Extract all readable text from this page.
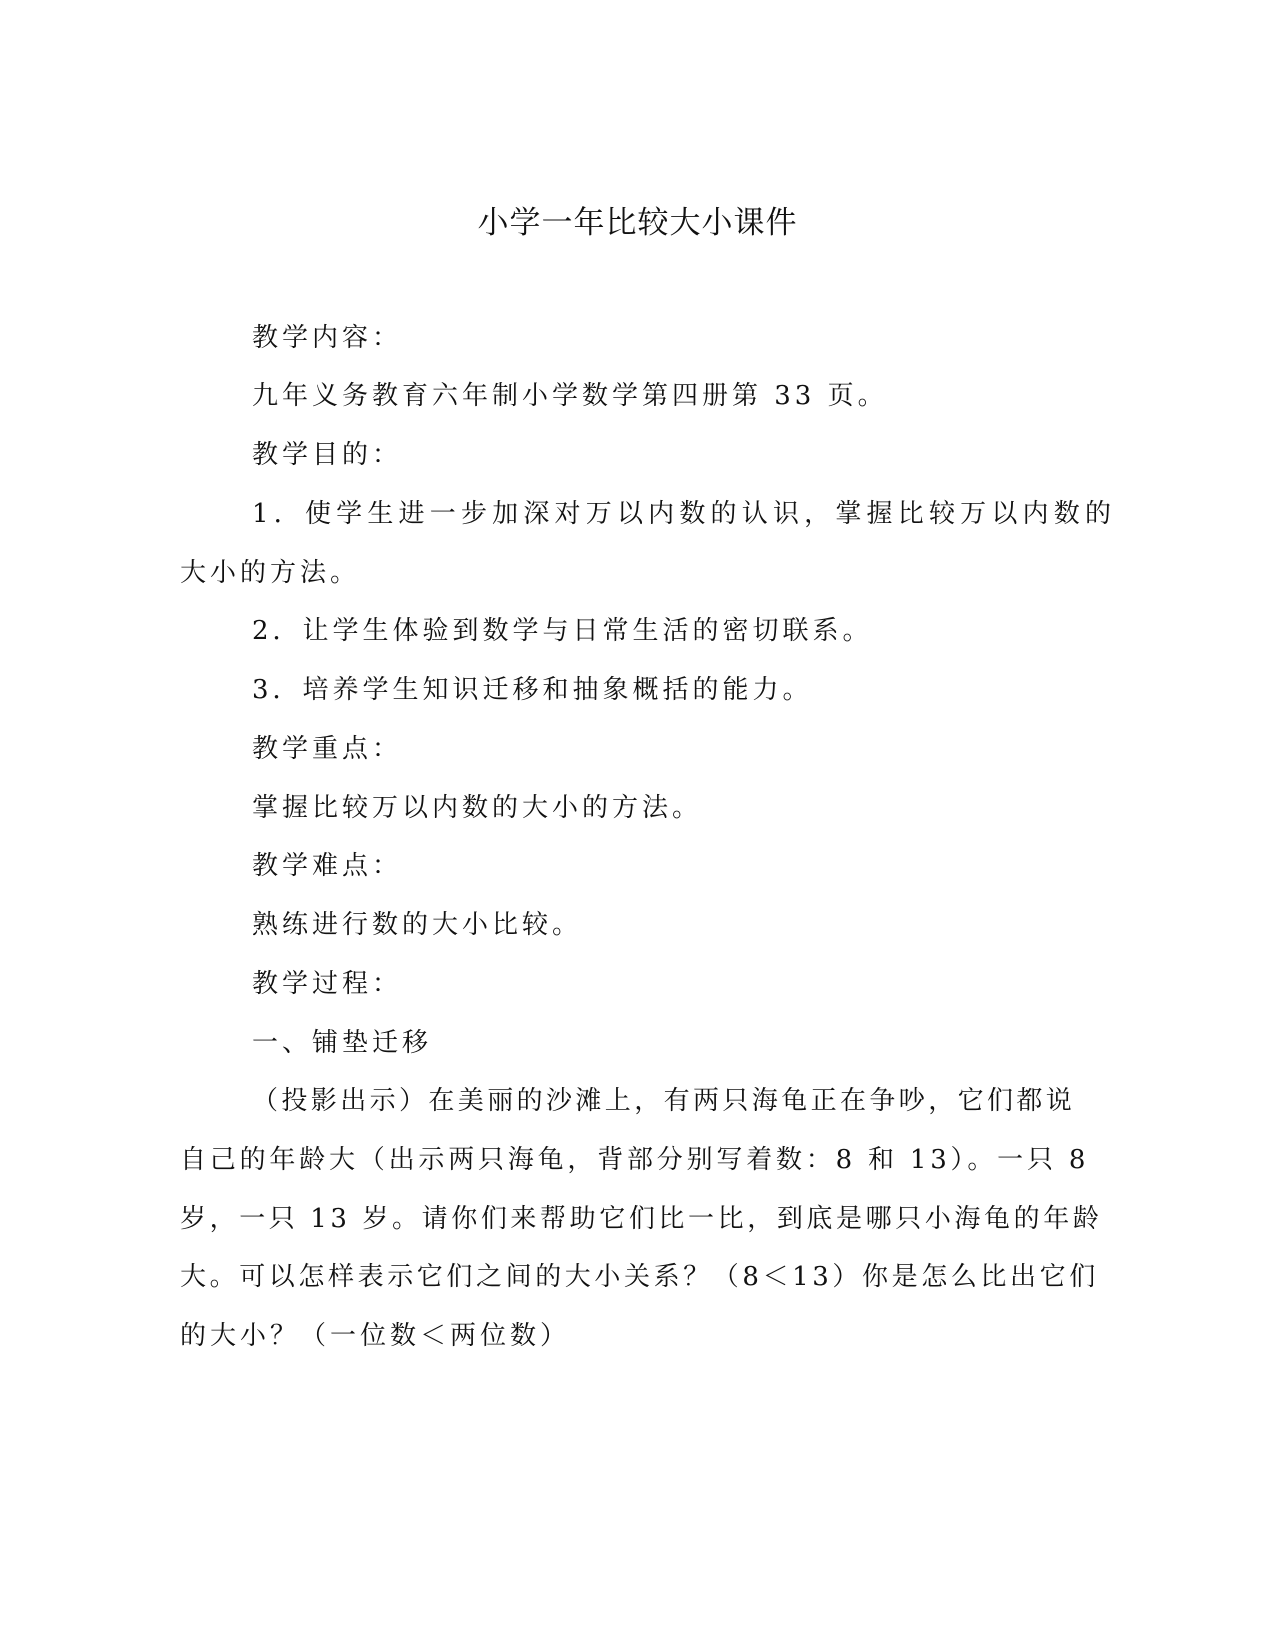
小学一年比较大小课件
教学内容：
九年义务教育六年制小学数学第四册第 33 页。
教学目的：
1．使学生进一步加深对万以内数的认识，掌握比较万以内数的
大小的方法。
2．让学生体验到数学与日常生活的密切联系。
3．培养学生知识迁移和抽象概括的能力。
教学重点：
掌握比较万以内数的大小的方法。
教学难点：
熟练进行数的大小比较。
教学过程：
一、铺垫迁移
（投影出示）在美丽的沙滩上，有两只海龟正在争吵，它们都说
自己的年龄大（出示两只海龟，背部分别写着数：8 和 13）。一只 8
岁，一只 13 岁。请你们来帮助它们比一比，到底是哪只小海龟的年龄
大。可以怎样表示它们之间的大小关系？（8＜13）你是怎么比出它们
的大小？（一位数＜两位数）
